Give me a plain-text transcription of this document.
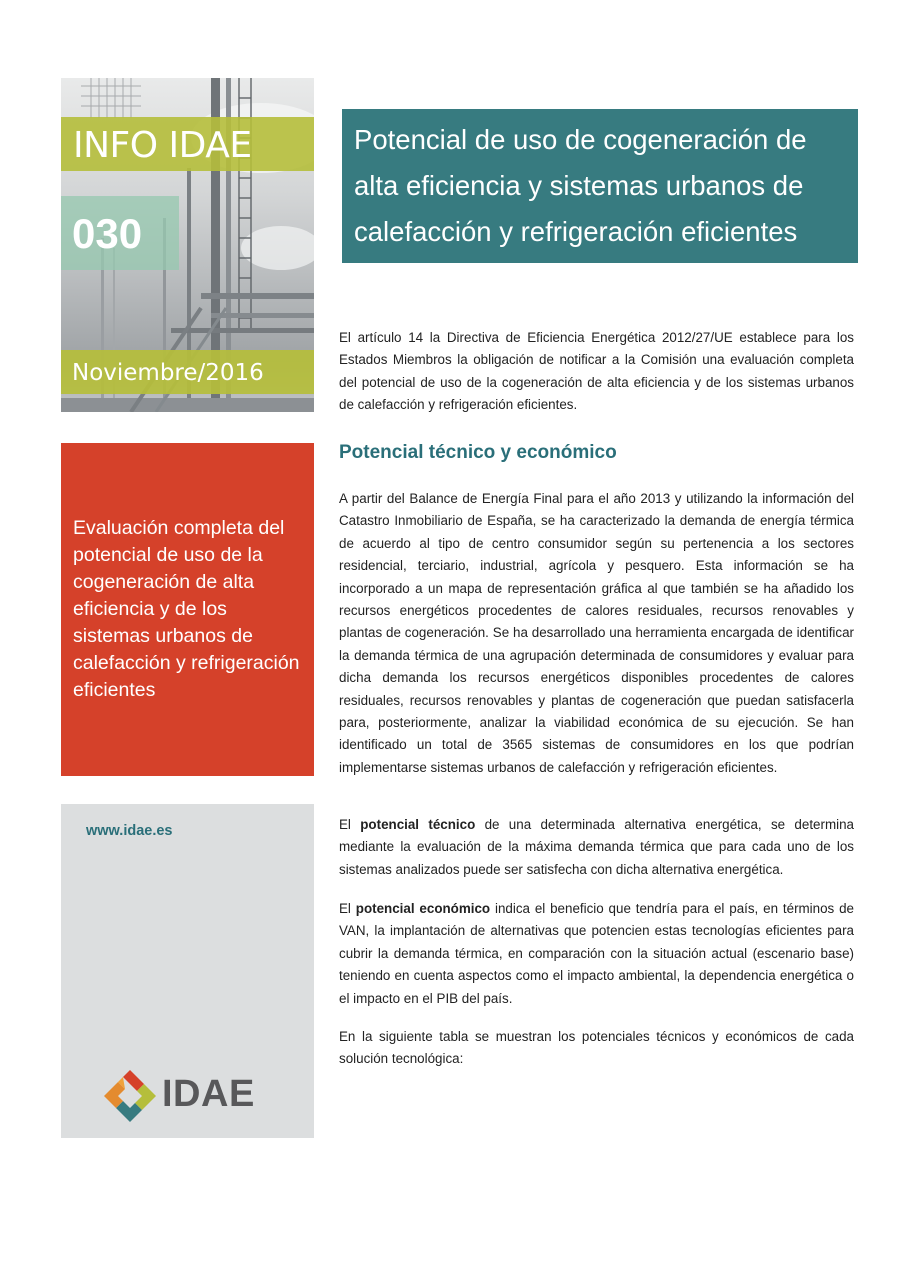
INFO IDAE
030
Noviembre/2016

Evaluación completa del potencial de uso de la cogeneración de alta eficiencia y de los sistemas urbanos de calefacción y refrigeración eficientes

www.idae.es
IDAE
Potencial de uso de cogeneración de alta eficiencia y sistemas urbanos de calefacción y refrigeración eficientes

El artículo 14 la Directiva de Eficiencia Energética 2012/27/UE establece para los Estados Miembros la obligación de notificar a la Comisión una evaluación completa del potencial de uso de la cogeneración de alta eficiencia y de los sistemas urbanos de calefacción y refrigeración eficientes.

Potencial técnico y económico

A partir del Balance de Energía Final para el año 2013 y utilizando la información del Catastro Inmobiliario de España, se ha caracterizado la demanda de energía térmica de acuerdo al tipo de centro consumidor según su pertenencia a los sectores residencial, terciario, industrial, agrícola y pesquero. Esta información se ha incorporado a un mapa de representación gráfica al que también se ha añadido los recursos energéticos procedentes de calores residuales, recursos renovables y plantas de cogeneración. Se ha desarrollado una herramienta encargada de identificar la demanda térmica de una agrupación determinada de consumidores y evaluar para dicha demanda los recursos energéticos disponibles procedentes de calores residuales, recursos renovables y plantas de cogeneración que puedan satisfacerla para, posteriormente, analizar la viabilidad económica de su ejecución. Se han identificado un total de 3565 sistemas de consumidores en los que podrían implementarse sistemas urbanos de calefacción y refrigeración eficientes.

El potencial técnico de una determinada alternativa energética, se determina mediante la evaluación de la máxima demanda térmica que para cada uno de los sistemas analizados puede ser satisfecha con dicha alternativa energética.

El potencial económico indica el beneficio que tendría para el país, en términos de VAN, la implantación de alternativas que potencien estas tecnologías eficientes para cubrir la demanda térmica, en comparación con la situación actual (escenario base) teniendo en cuenta aspectos como el impacto ambiental, la dependencia energética o el impacto en el PIB del país.

En la siguiente tabla se muestran los potenciales técnicos y económicos de cada solución tecnológica:
